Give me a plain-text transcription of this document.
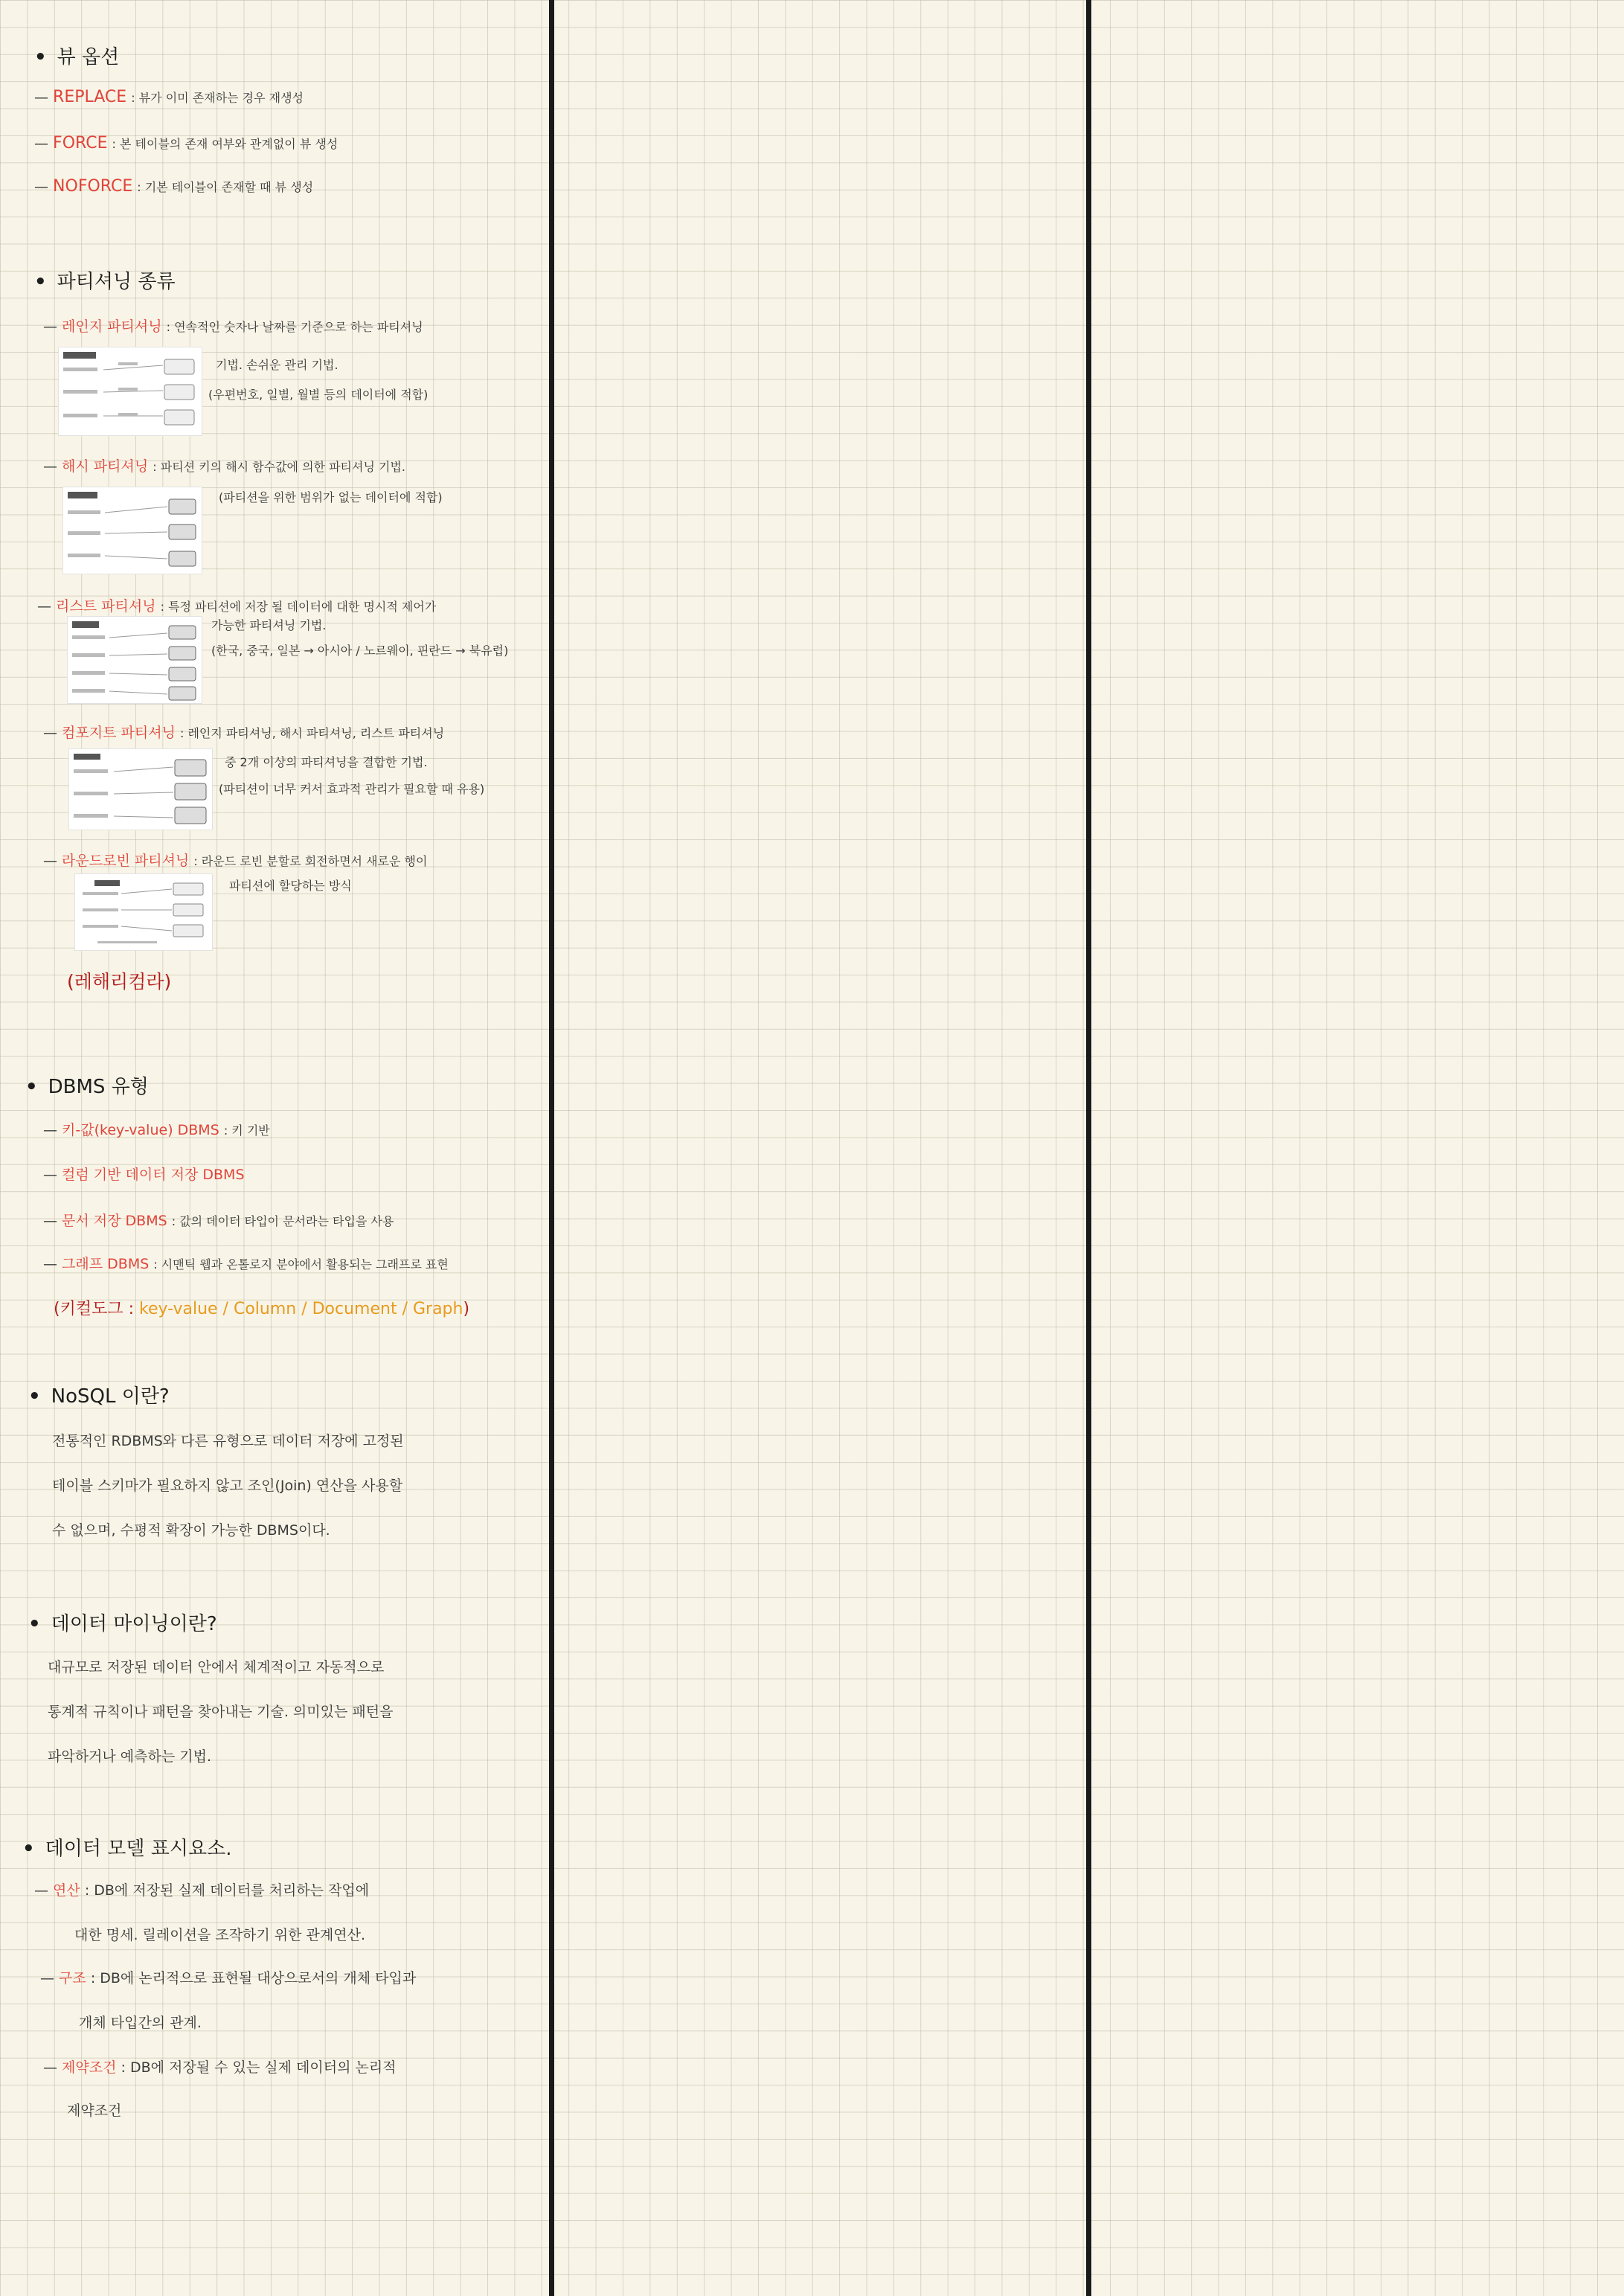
• 뷰 옵션
— REPLACE : 뷰가 이미 존재하는 경우 재생성
— FORCE : 본 테이블의 존재 여부와 관계없이 뷰 생성
— NOFORCE : 기본 테이블이 존재할 때 뷰 생성
• 파티셔닝 종류
— 레인지 파티셔닝 : 연속적인 숫자나 날짜를 기준으로 하는 파티셔닝
기법. 손쉬운 관리 기법.
(우편번호, 일별, 월별 등의 데이터에 적합)
— 해시 파티셔닝 : 파티션 키의 해시 함수값에 의한 파티셔닝 기법.
(파티션을 위한 범위가 없는 데이터에 적합)
— 리스트 파티셔닝 : 특정 파티션에 저장 될 데이터에 대한 명시적 제어가
가능한 파티셔닝 기법.
(한국, 중국, 일본 → 아시아 / 노르웨이, 핀란드 → 북유럽)
— 컴포지트 파티셔닝 : 레인지 파티셔닝, 해시 파티셔닝, 리스트 파티셔닝
중 2개 이상의 파티셔닝을 결합한 기법.
(파티션이 너무 커서 효과적 관리가 필요할 때 유용)
— 라운드로빈 파티셔닝 : 라운드 로빈 분할로 회전하면서 새로운 행이
파티션에 할당하는 방식
(레해리컴라)
• DBMS 유형
— 키-값(key-value) DBMS : 키 기반
— 컬럼 기반 데이터 저장 DBMS
— 문서 저장 DBMS : 값의 데이터 타입이 문서라는 타입을 사용
— 그래프 DBMS : 시맨틱 웹과 온톨로지 분야에서 활용되는 그래프로 표현
(키컬도그 : key-value / Column / Document / Graph)
• NoSQL 이란?
전통적인 RDBMS와 다른 유형으로 데이터 저장에 고정된
테이블 스키마가 필요하지 않고 조인(Join) 연산을 사용할
수 없으며, 수평적 확장이 가능한 DBMS이다.
• 데이터 마이닝이란?
대규모로 저장된 데이터 안에서 체계적이고 자동적으로
통계적 규칙이나 패턴을 찾아내는 기술. 의미있는 패턴을
파악하거나 예측하는 기법.
• 데이터 모델 표시요소.
— 연산 : DB에 저장된 실제 데이터를 처리하는 작업에
대한 명세. 릴레이션을 조작하기 위한 관계연산.
— 구조 : DB에 논리적으로 표현될 대상으로서의 개체 타입과
개체 타입간의 관계.
— 제약조건 : DB에 저장될 수 있는 실제 데이터의 논리적
제약조건
